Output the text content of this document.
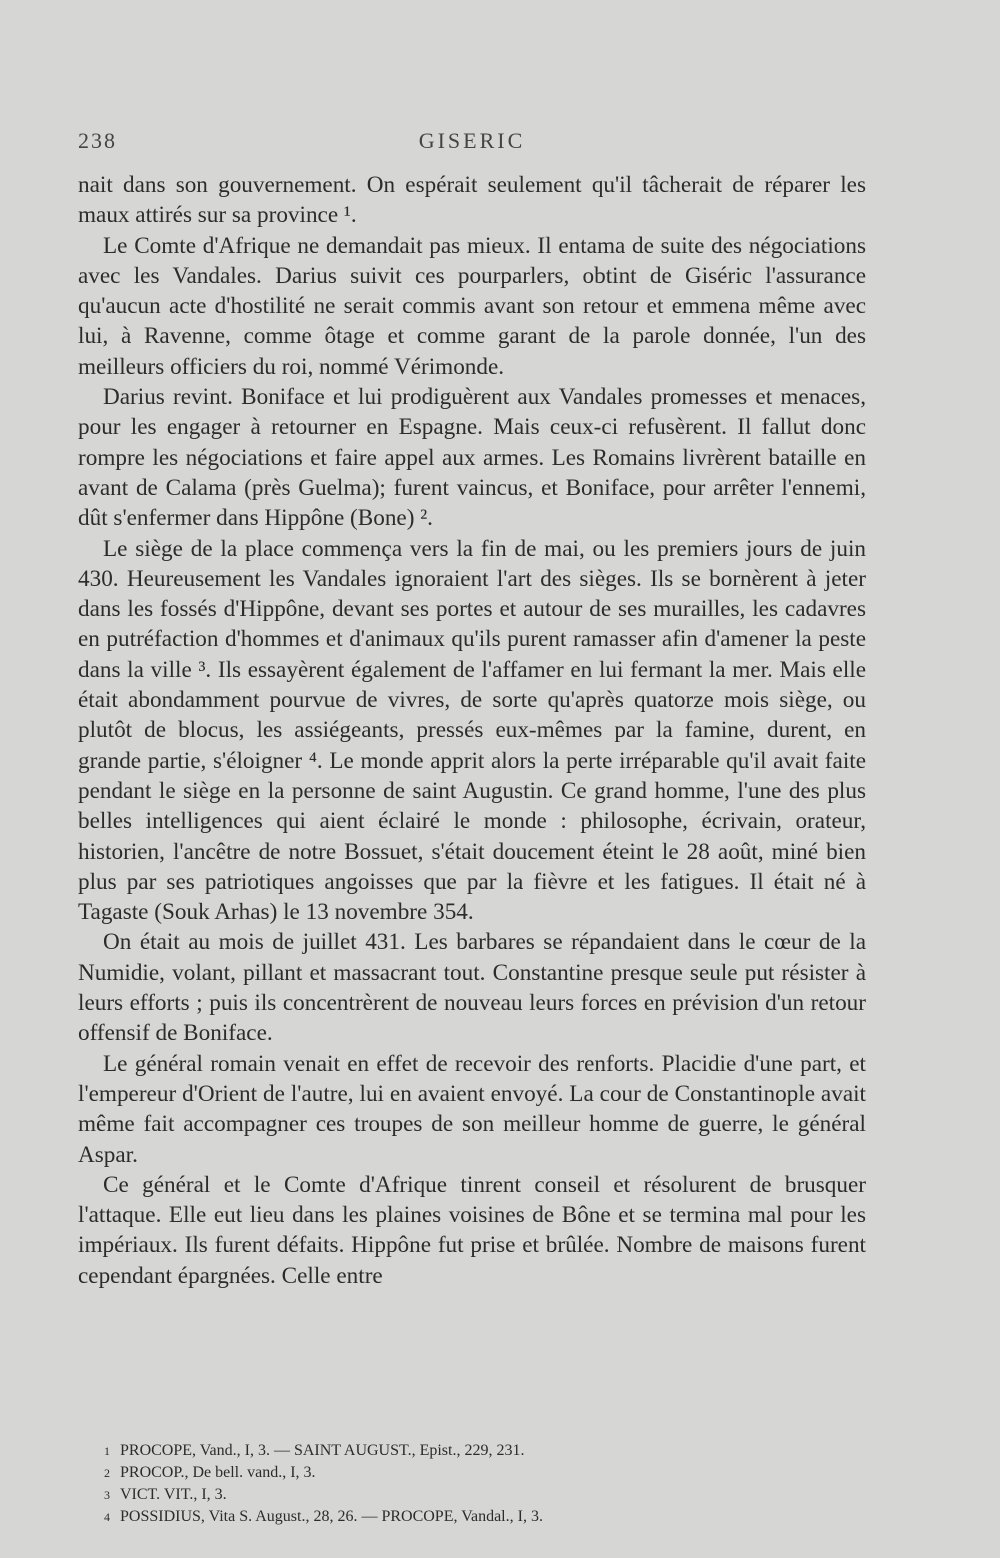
238	GISERIC

nait dans son gouvernement. On espérait seulement qu'il tâcherait de réparer les maux attirés sur sa province ¹.

Le Comte d'Afrique ne demandait pas mieux. Il entama de suite des négociations avec les Vandales. Darius suivit ces pourparlers, obtint de Giséric l'assurance qu'aucun acte d'hostilité ne serait commis avant son retour et emmena même avec lui, à Ravenne, comme ôtage et comme garant de la parole donnée, l'un des meilleurs officiers du roi, nommé Vérimonde.

Darius revint. Boniface et lui prodiguèrent aux Vandales promesses et menaces, pour les engager à retourner en Espagne. Mais ceux-ci refusèrent. Il fallut donc rompre les négociations et faire appel aux armes. Les Romains livrèrent bataille en avant de Calama (près Guelma); furent vaincus, et Boniface, pour arrêter l'ennemi, dût s'enfermer dans Hippône (Bone) ².

Le siège de la place commença vers la fin de mai, ou les premiers jours de juin 430. Heureusement les Vandales ignoraient l'art des sièges. Ils se bornèrent à jeter dans les fossés d'Hippône, devant ses portes et autour de ses murailles, les cadavres en putréfaction d'hommes et d'animaux qu'ils purent ramasser afin d'amener la peste dans la ville ³. Ils essayèrent également de l'affamer en lui fermant la mer. Mais elle était abondamment pourvue de vivres, de sorte qu'après quatorze mois siège, ou plutôt de blocus, les assiégeants, pressés eux-mêmes par la famine, durent, en grande partie, s'éloigner ⁴. Le monde apprit alors la perte irréparable qu'il avait faite pendant le siège en la personne de saint Augustin. Ce grand homme, l'une des plus belles intelligences qui aient éclairé le monde : philosophe, écrivain, orateur, historien, l'ancêtre de notre Bossuet, s'était doucement éteint le 28 août, miné bien plus par ses patriotiques angoisses que par la fièvre et les fatigues. Il était né à Tagaste (Souk Arhas) le 13 novembre 354.

On était au mois de juillet 431. Les barbares se répandaient dans le cœur de la Numidie, volant, pillant et massacrant tout. Constantine presque seule put résister à leurs efforts ; puis ils concentrèrent de nouveau leurs forces en prévision d'un retour offensif de Boniface.

Le général romain venait en effet de recevoir des renforts. Placidie d'une part, et l'empereur d'Orient de l'autre, lui en avaient envoyé. La cour de Constantinople avait même fait accompagner ces troupes de son meilleur homme de guerre, le général Aspar.

Ce général et le Comte d'Afrique tinrent conseil et résolurent de brusquer l'attaque. Elle eut lieu dans les plaines voisines de Bône et se termina mal pour les impériaux. Ils furent défaits. Hippône fut prise et brûlée. Nombre de maisons furent cependant épargnées. Celle entre

1 PROCOPE, Vand., I, 3. — SAINT AUGUST., Epist., 229, 231.
2 PROCOP., De bell. vand., I, 3.
3 VICT. VIT., I, 3.
4 POSSIDIUS, Vita S. August., 28, 26. — PROCOPE, Vandal., I, 3.
